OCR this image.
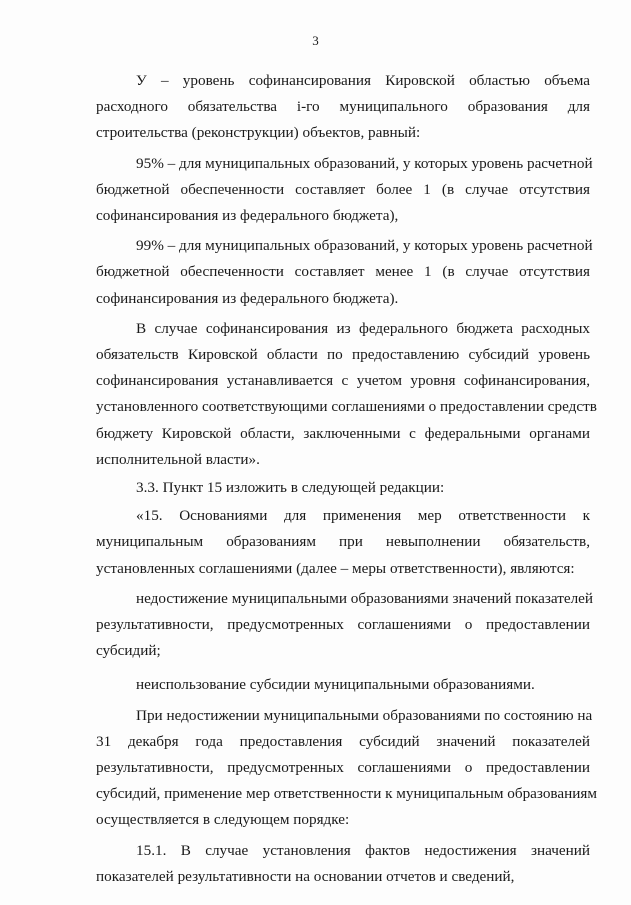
3
У – уровень софинансирования Кировской областью объема
расходного обязательства i-го муниципального образования для
строительства (реконструкции) объектов, равный:
95% – для муниципальных образований, у которых уровень расчетной
бюджетной обеспеченности составляет более 1 (в случае отсутствия
софинансирования из федерального бюджета),
99% – для муниципальных образований, у которых уровень расчетной
бюджетной обеспеченности составляет менее 1 (в случае отсутствия
софинансирования из федерального бюджета).
В случае софинансирования из федерального бюджета расходных
обязательств Кировской области по предоставлению субсидий уровень
софинансирования устанавливается с учетом уровня софинансирования,
установленного соответствующими соглашениями о предоставлении средств
бюджету Кировской области, заключенными с федеральными органами
исполнительной власти».
3.3. Пункт 15 изложить в следующей редакции:
«15. Основаниями для применения мер ответственности к
муниципальным образованиям при невыполнении обязательств,
установленных соглашениями (далее – меры ответственности), являются:
недостижение муниципальными образованиями значений показателей
результативности, предусмотренных соглашениями о предоставлении
субсидий;
неиспользование субсидии муниципальными образованиями.
При недостижении муниципальными образованиями по состоянию на
31 декабря года предоставления субсидий значений показателей
результативности, предусмотренных соглашениями о предоставлении
субсидий, применение мер ответственности к муниципальным образованиям
осуществляется в следующем порядке:
15.1. В случае установления фактов недостижения значений
показателей результативности на основании отчетов и сведений,
